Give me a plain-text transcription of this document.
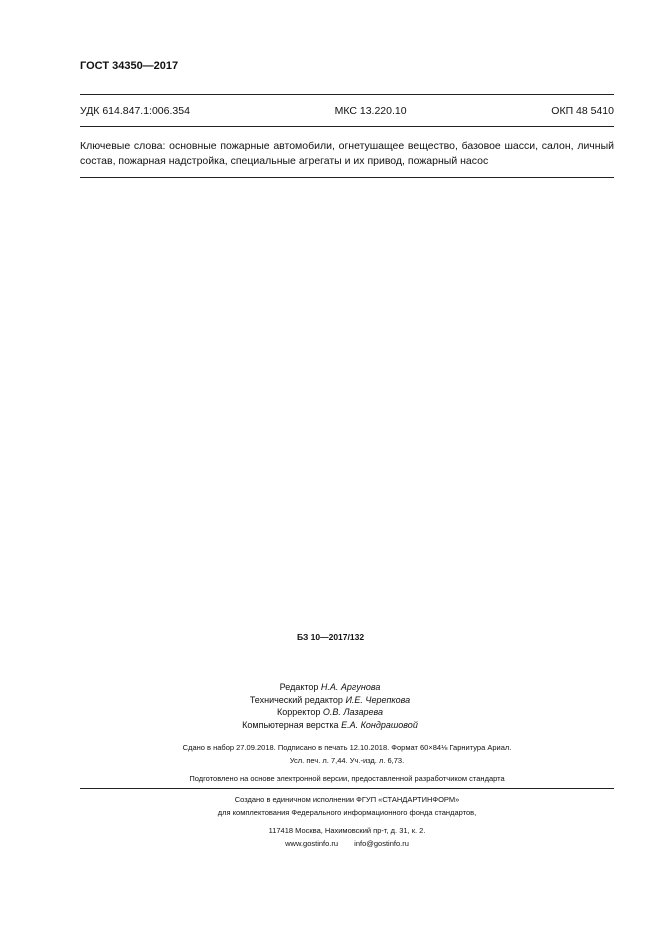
ГОСТ 34350—2017
УДК 614.847.1:006.354	МКС 13.220.10	ОКП 48 5410
Ключевые слова: основные пожарные автомобили, огнетушащее вещество, базовое шасси, салон, личный состав, пожарная надстройка, специальные агрегаты и их привод, пожарный насос
БЗ 10—2017/132
Редактор Н.А. Аргунова
Технический редактор И.Е. Черепкова
Корректор О.В. Лазарева
Компьютерная верстка Е.А. Кондрашовой
Сдано в набор 27.09.2018. Подписано в печать 12.10.2018. Формат 60×84⅛ Гарнитура Ариал.
Усл. печ. л. 7,44. Уч.-изд. л. 6,73.
Подготовлено на основе электронной версии, предоставленной разработчиком стандарта
Создано в единичном исполнении ФГУП «СТАНДАРТИНФОРМ»
для комплектования Федерального информационного фонда стандартов,
117418 Москва, Нахимовский пр-т, д. 31, к. 2.
www.gostinfo.ru info@gostinfo.ru
